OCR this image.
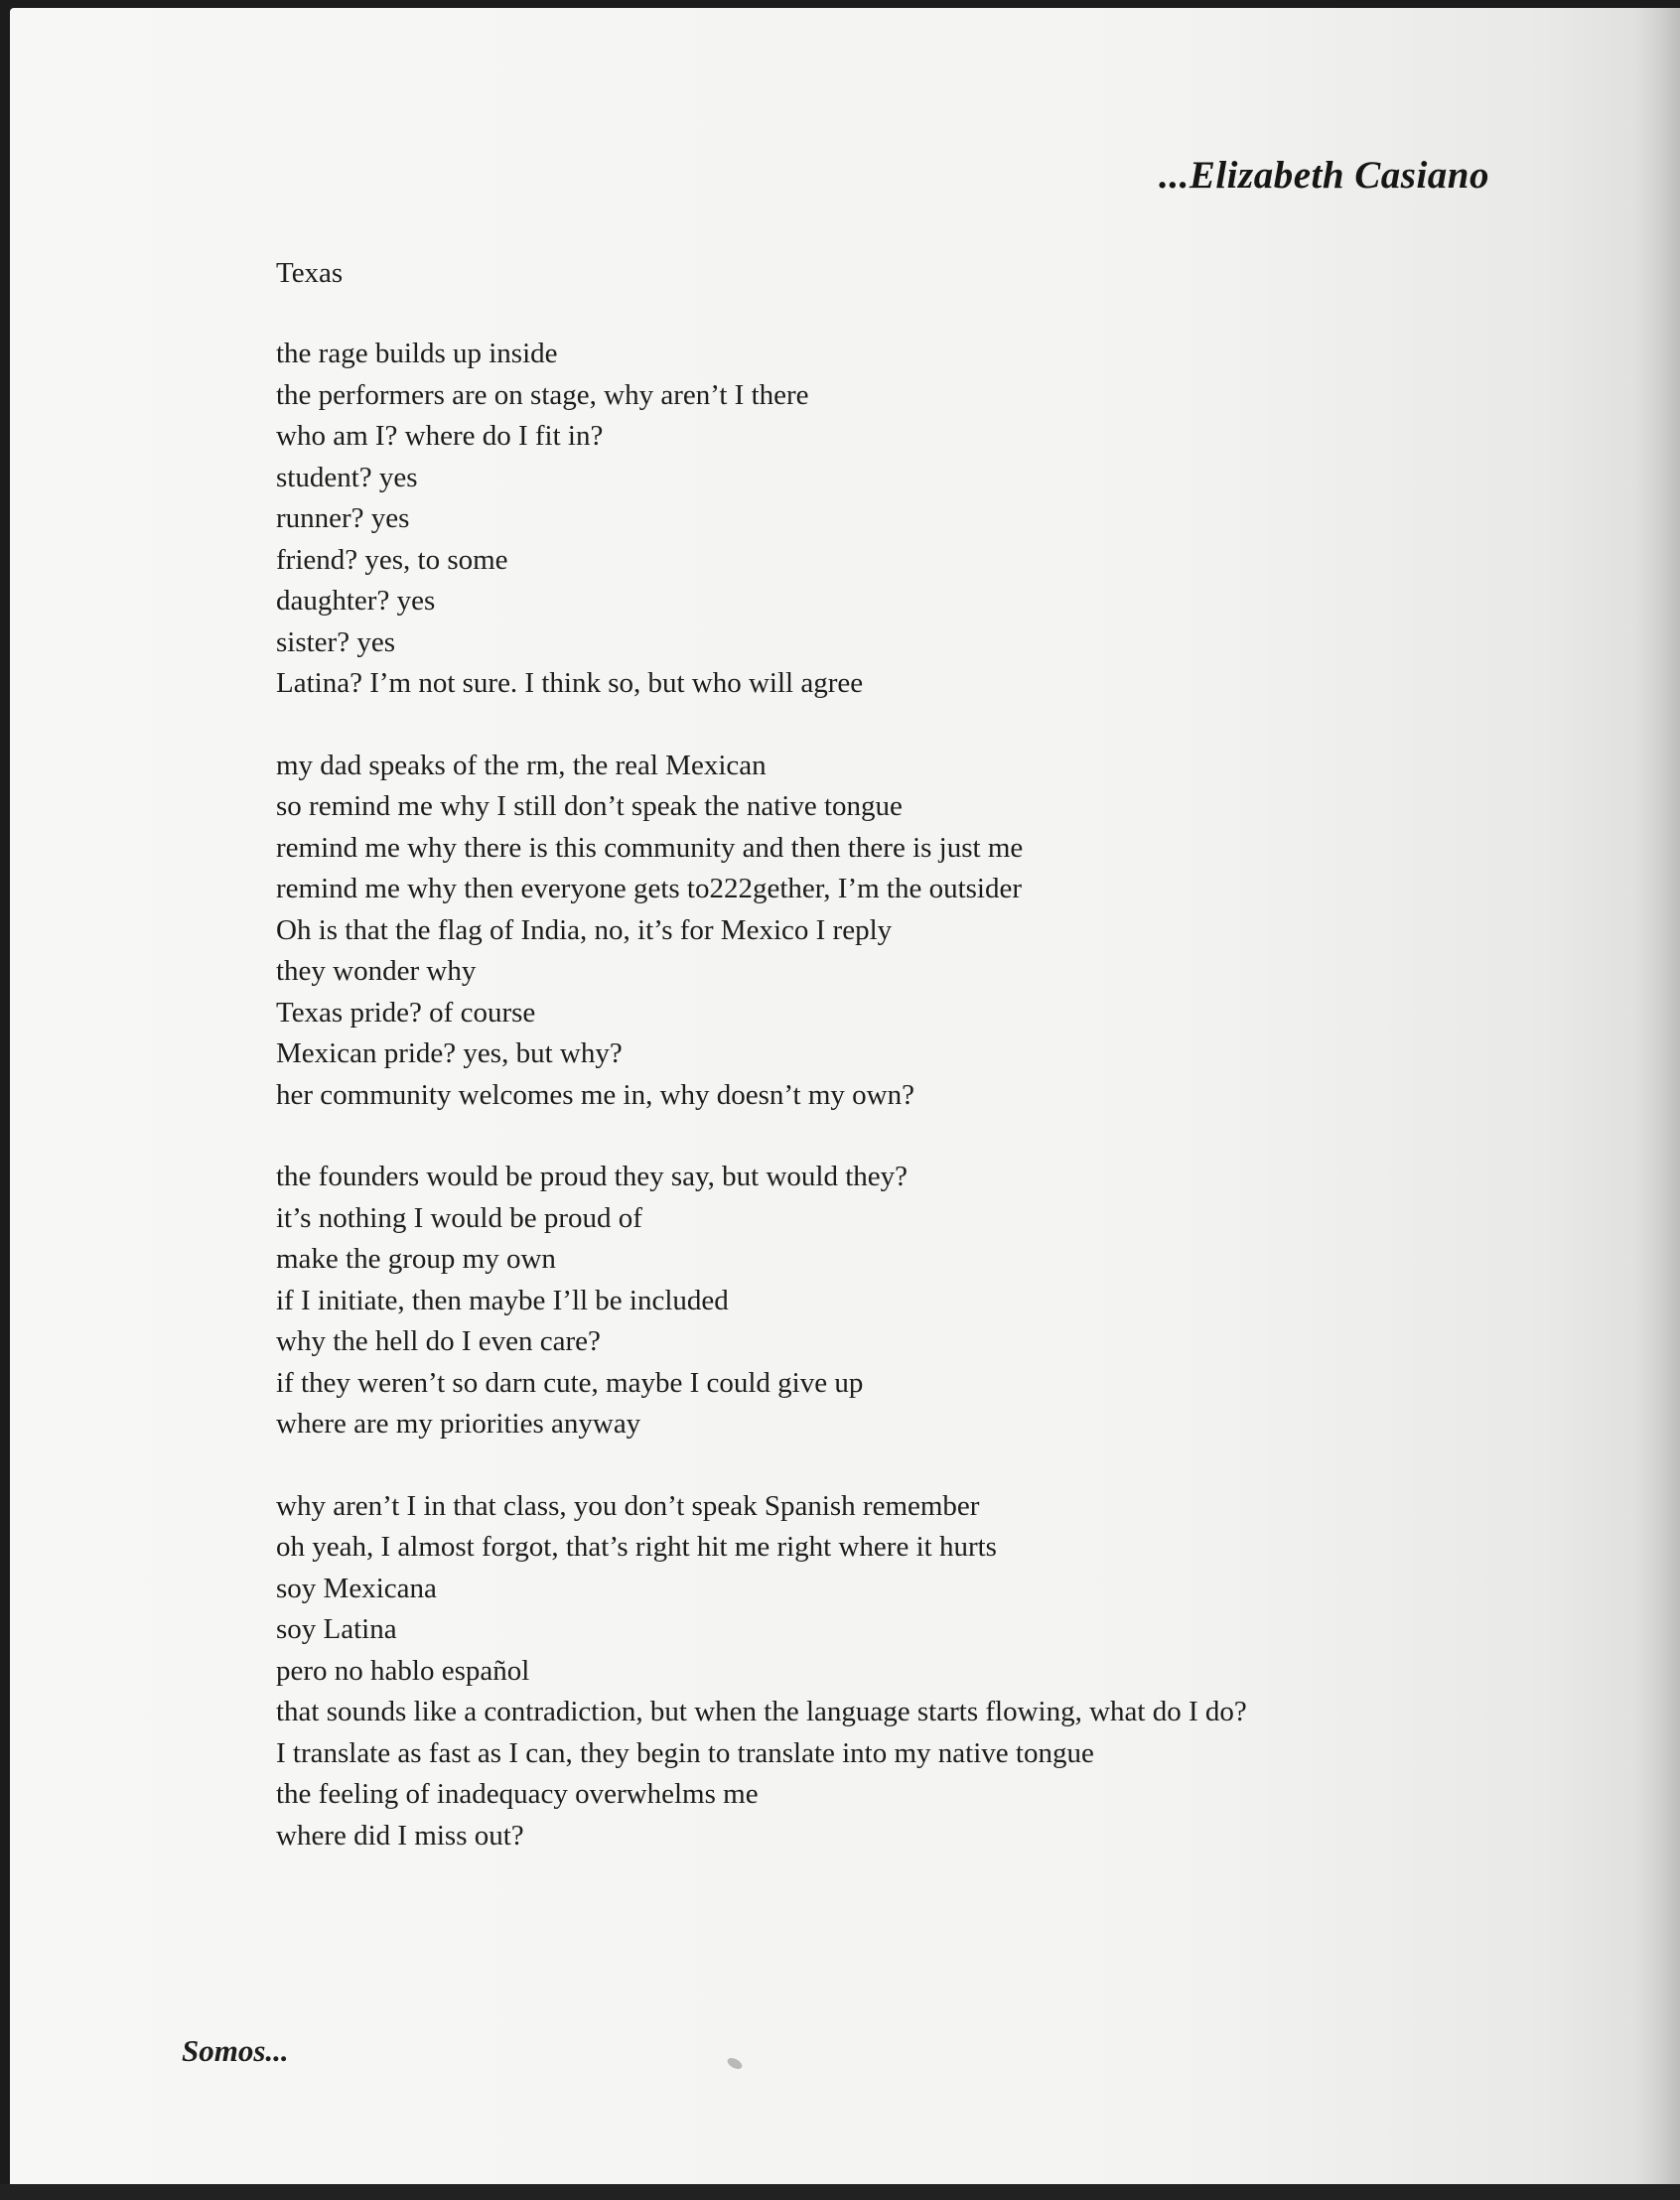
...Elizabeth Casiano
Texas
the rage builds up inside
the performers are on stage, why aren’t I there
who am I? where do I fit in?
student? yes
runner? yes
friend? yes, to some
daughter? yes
sister? yes
Latina? I’m not sure. I think so, but who will agree
my dad speaks of the rm, the real Mexican
so remind me why I still don’t speak the native tongue
remind me why there is this community and then there is just me
remind me why then everyone gets to222gether, I’m the outsider
Oh is that the flag of India, no, it’s for Mexico I reply
they wonder why
Texas pride? of course
Mexican pride? yes, but why?
her community welcomes me in, why doesn’t my own?
the founders would be proud they say, but would they?
it’s nothing I would be proud of
make the group my own
if I initiate, then maybe I’ll be included
why the hell do I even care?
if they weren’t so darn cute, maybe I could give up
where are my priorities anyway
why aren’t I in that class, you don’t speak Spanish remember
oh yeah, I almost forgot, that’s right hit me right where it hurts
soy Mexicana
soy Latina
pero no hablo español
that sounds like a contradiction, but when the language starts flowing, what do I do?
I translate as fast as I can, they begin to translate into my native tongue
the feeling of inadequacy overwhelms me
where did I miss out?

Somos...
